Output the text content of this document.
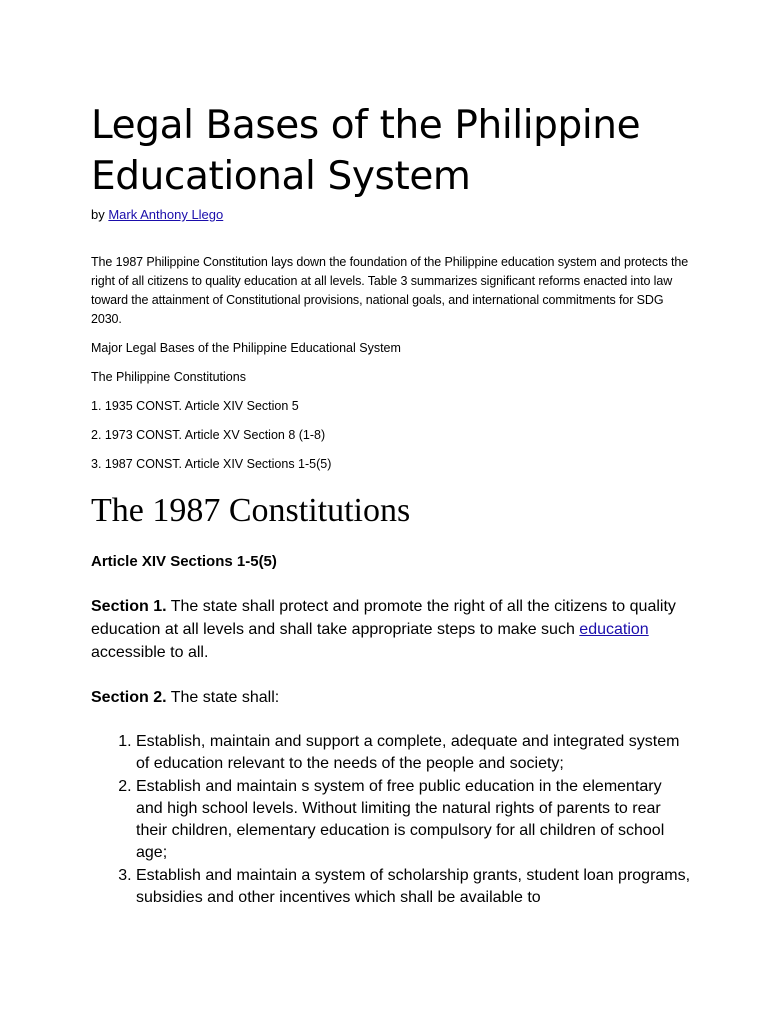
Legal Bases of the Philippine Educational System

by Mark Anthony Llego

The 1987 Philippine Constitution lays down the foundation of the Philippine education system and protects the right of all citizens to quality education at all levels. Table 3 summarizes significant reforms enacted into law toward the attainment of Constitutional provisions, national goals, and international commitments for SDG 2030.

Major Legal Bases of the Philippine Educational System

The Philippine Constitutions

1. 1935 CONST. Article XIV Section 5

2. 1973 CONST. Article XV Section 8 (1-8)

3. 1987 CONST. Article XIV Sections 1-5(5)

The 1987 Constitutions
Article XIV Sections 1-5(5)

Section 1. The state shall protect and promote the right of all the citizens to quality education at all levels and shall take appropriate steps to make such education accessible to all.

Section 2. The state shall:

1. Establish, maintain and support a complete, adequate and integrated system of education relevant to the needs of the people and society;
2. Establish and maintain s system of free public education in the elementary and high school levels. Without limiting the natural rights of parents to rear their children, elementary education is compulsory for all children of school age;
3. Establish and maintain a system of scholarship grants, student loan programs, subsidies and other incentives which shall be available to
